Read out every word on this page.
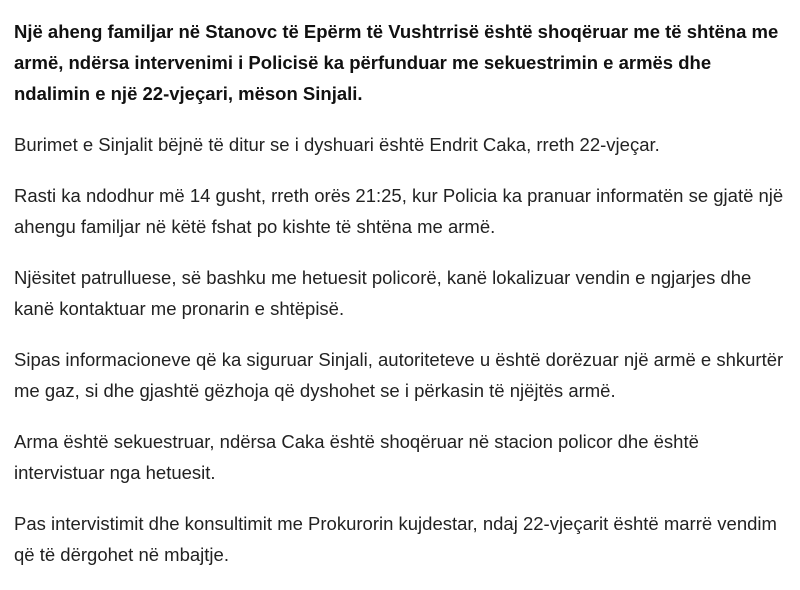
Një aheng familjar në Stanovc të Epërm të Vushtrrisë është shoqëruar me të shtëna me armë, ndërsa intervenimi i Policisë ka përfunduar me sekuestrimin e armës dhe ndalimin e një 22-vjeçari, mëson Sinjali.

Burimet e Sinjalit bëjnë të ditur se i dyshuari është Endrit Caka, rreth 22-vjeçar.

Rasti ka ndodhur më 14 gusht, rreth orës 21:25, kur Policia ka pranuar informatën se gjatë një ahengu familjar në këtë fshat po kishte të shtëna me armë.

Njësitet patrulluese, së bashku me hetuesit policorë, kanë lokalizuar vendin e ngjarjes dhe kanë kontaktuar me pronarin e shtëpisë.

Sipas informacioneve që ka siguruar Sinjali, autoriteteve u është dorëzuar një armë e shkurtër me gaz, si dhe gjashtë gëzhoja që dyshohet se i përkasin të njëjtës armë.

Arma është sekuestruar, ndërsa Caka është shoqëruar në stacion policor dhe është intervistuar nga hetuesit.

Pas intervistimit dhe konsultimit me Prokurorin kujdestar, ndaj 22-vjeçarit është marrë vendim që të dërgohet në mbajtje.
